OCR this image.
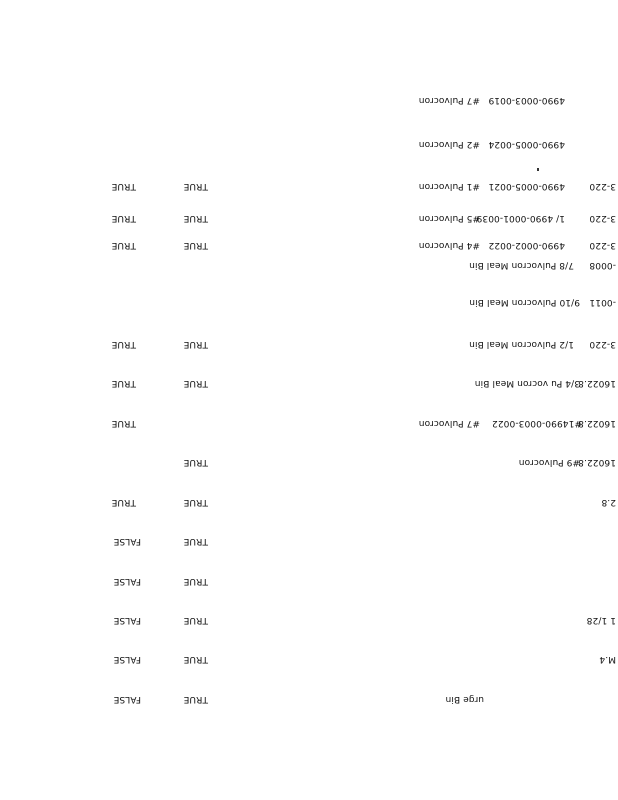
4990-0003-0019
#7 Pulvocron
4990-0005-0024
#2 Pulvocron
3-220
4990-0005-0021
#1 Pulvocron
TRUE
TRUE
3-220
1/ 4990-0001-0039
#5 Pulvocron
TRUE
TRUE
3-220
4990-0002-0022
#4 Pulvocron
TRUE
TRUE
-0008
7/8 Pulvocron Meal Bin
-0011
9/10 Pulvocron Meal Bin
3-220
1/2 Pulvocron Meal Bin
TRUE
TRUE
16022.8
3/4 Pu vocron Meal Bin
TRUE
TRUE
16022.8
#14990-0003-0022
#7 Pulvocron
TRUE
16022.8
#9 Pulvocron
TRUE
2.8
TRUE
TRUE
TRUE
FALSE
TRUE
FALSE
1 1/28
TRUE
FALSE
M.4
TRUE
FALSE
urge Bin
TRUE
FALSE
